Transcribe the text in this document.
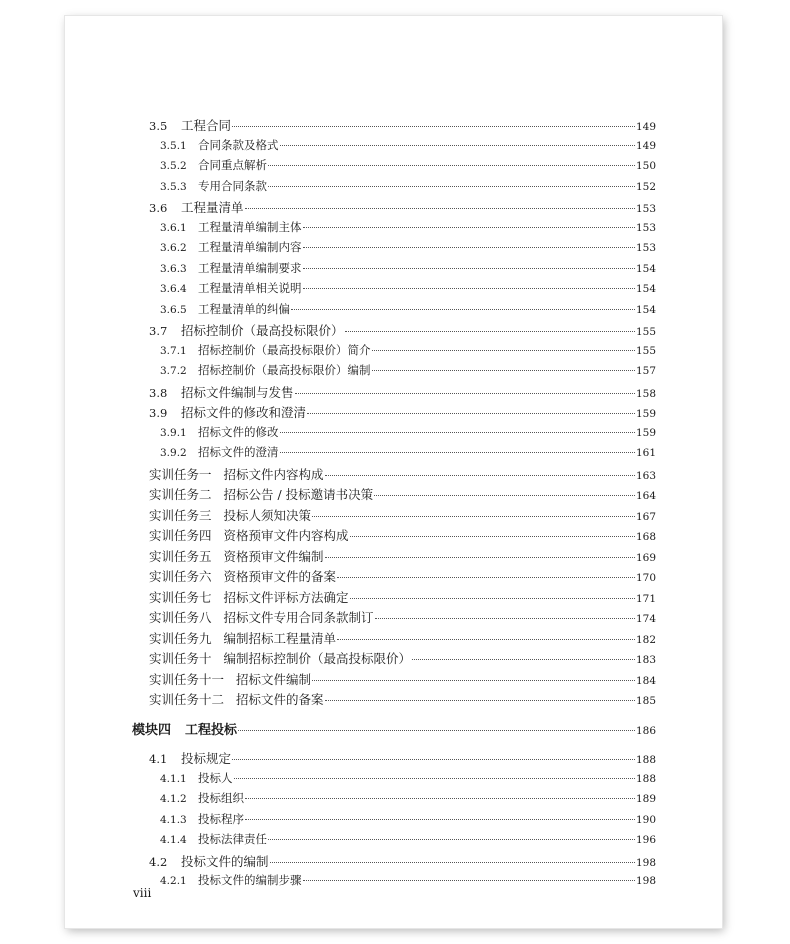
3.5	工程合同	149
3.5.1 合同条款及格式	149
3.5.2 合同重点解析	150
3.5.3 专用合同条款	152
3.6	工程量清单	153
3.6.1 工程量清单编制主体	153
3.6.2 工程量清单编制内容	153
3.6.3 工程量清单编制要求	154
3.6.4 工程量清单相关说明	154
3.6.5 工程量清单的纠偏	154
3.7	招标控制价（最高投标限价）	155
3.7.1 招标控制价（最高投标限价）简介	155
3.7.2 招标控制价（最高投标限价）编制	157
3.8	招标文件编制与发售	158
3.9	招标文件的修改和澄清	159
3.9.1 招标文件的修改	159
3.9.2 招标文件的澄清	161
实训任务一 招标文件内容构成	163
实训任务二 招标公告 / 投标邀请书决策	164
实训任务三 投标人须知决策	167
实训任务四 资格预审文件内容构成	168
实训任务五 资格预审文件编制	169
实训任务六 资格预审文件的备案	170
实训任务七 招标文件评标方法确定	171
实训任务八 招标文件专用合同条款制订	174
实训任务九 编制招标工程量清单	182
实训任务十 编制招标控制价（最高投标限价）	183
实训任务十一 招标文件编制	184
实训任务十二 招标文件的备案	185
模块四 工程投标	186
4.1	投标规定	188
4.1.1 投标人	188
4.1.2 投标组织	189
4.1.3 投标程序	190
4.1.4 投标法律责任	196
4.2	投标文件的编制	198
4.2.1 投标文件的编制步骤	198
viii
